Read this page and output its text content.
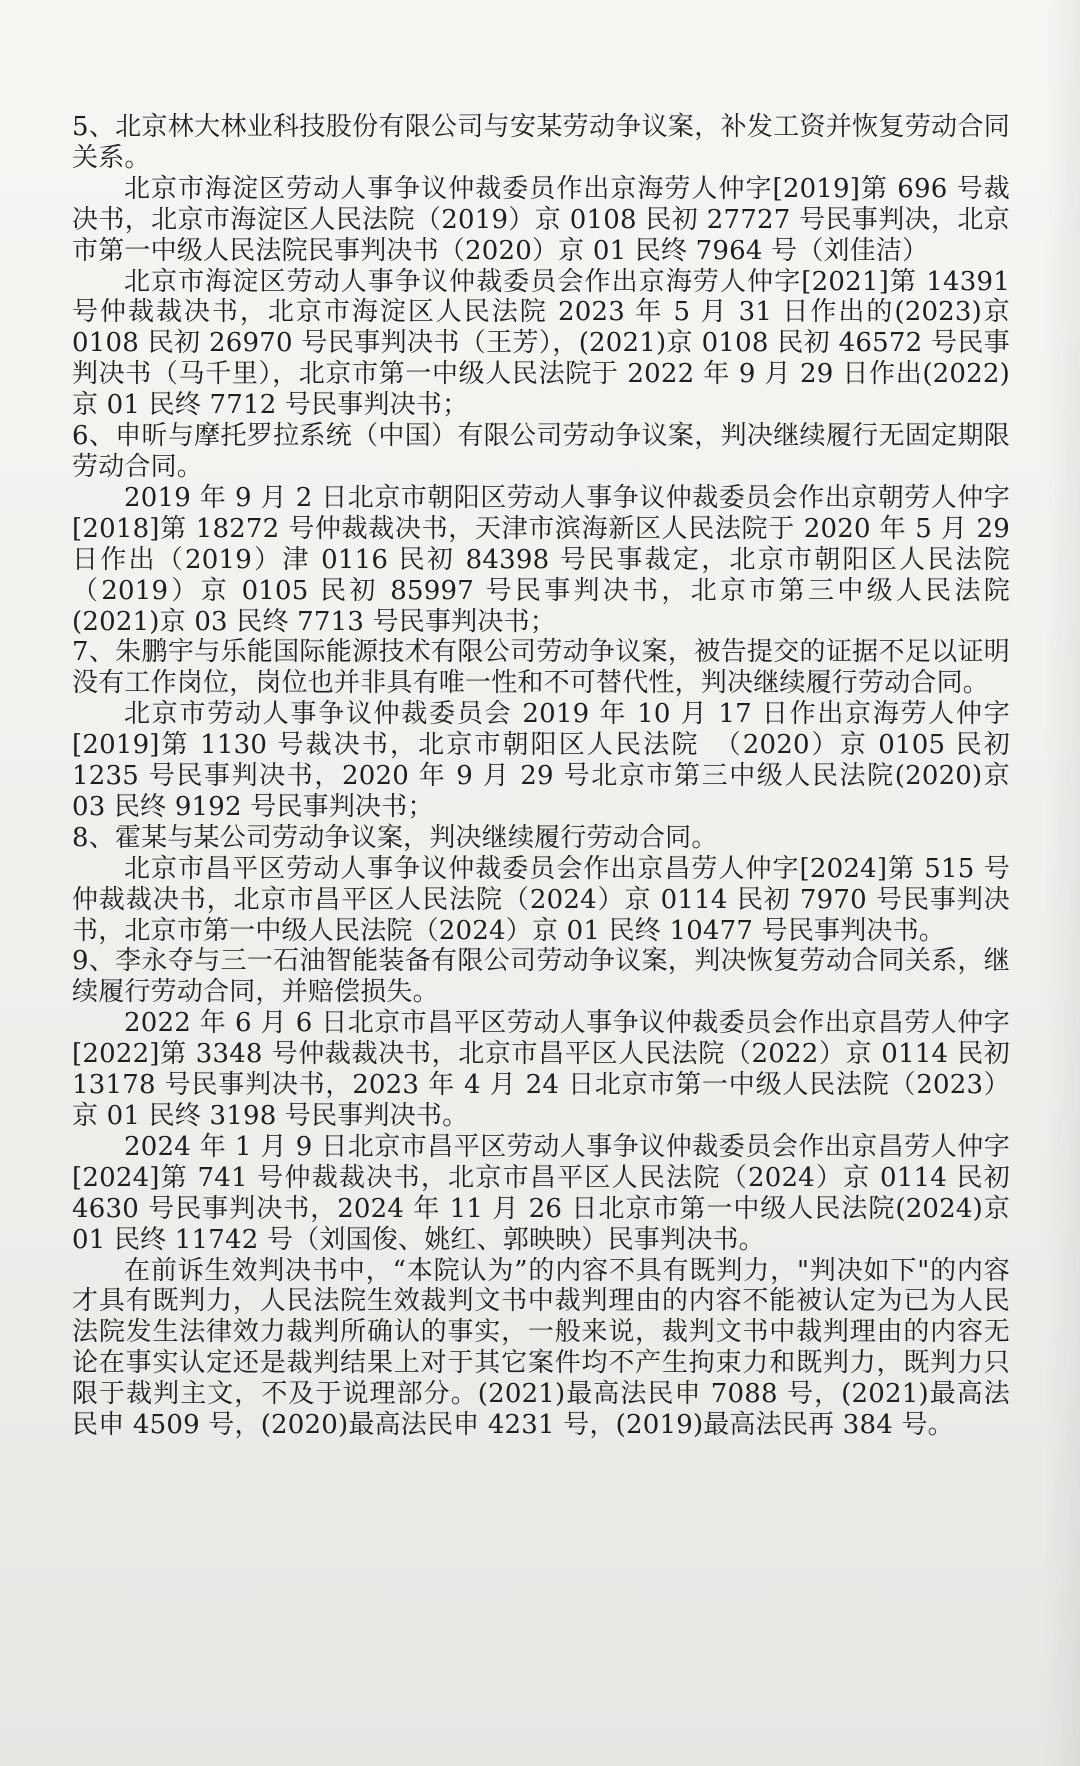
5、北京林大林业科技股份有限公司与安某劳动争议案，补发工资并恢复劳动合同关系。

北京市海淀区劳动人事争议仲裁委员作出京海劳人仲字[2019]第 696 号裁决书，北京市海淀区人民法院（2019）京 0108 民初 27727 号民事判决，北京市第一中级人民法院民事判决书（2020）京 01 民终 7964 号（刘佳洁）

北京市海淀区劳动人事争议仲裁委员会作出京海劳人仲字[2021]第 14391 号仲裁裁决书，北京市海淀区人民法院 2023 年 5 月 31 日作出的(2023)京 0108 民初 26970 号民事判决书（王芳），(2021)京 0108 民初 46572 号民事判决书（马千里），北京市第一中级人民法院于 2022 年 9 月 29 日作出(2022)京 01 民终 7712 号民事判决书；

6、申昕与摩托罗拉系统（中国）有限公司劳动争议案，判决继续履行无固定期限劳动合同。

2019 年 9 月 2 日北京市朝阳区劳动人事争议仲裁委员会作出京朝劳人仲字[2018]第 18272 号仲裁裁决书，天津市滨海新区人民法院于 2020 年 5 月 29 日作出（2019）津 0116 民初 84398 号民事裁定，北京市朝阳区人民法院（2019）京 0105 民初 85997 号民事判决书，北京市第三中级人民法院(2021)京 03 民终 7713 号民事判决书；

7、朱鹏宇与乐能国际能源技术有限公司劳动争议案，被告提交的证据不足以证明没有工作岗位，岗位也并非具有唯一性和不可替代性，判决继续履行劳动合同。

北京市劳动人事争议仲裁委员会 2019 年 10 月 17 日作出京海劳人仲字[2019]第 1130 号裁决书，北京市朝阳区人民法院　（2020）京 0105 民初 1235 号民事判决书，2020 年 9 月 29 号北京市第三中级人民法院(2020)京 03 民终 9192 号民事判决书；

8、霍某与某公司劳动争议案，判决继续履行劳动合同。

北京市昌平区劳动人事争议仲裁委员会作出京昌劳人仲字[2024]第 515 号仲裁裁决书，北京市昌平区人民法院（2024）京 0114 民初 7970 号民事判决书，北京市第一中级人民法院（2024）京 01 民终 10477 号民事判决书。

9、李永夺与三一石油智能装备有限公司劳动争议案，判决恢复劳动合同关系，继续履行劳动合同，并赔偿损失。

2022 年 6 月 6 日北京市昌平区劳动人事争议仲裁委员会作出京昌劳人仲字[2022]第 3348 号仲裁裁决书，北京市昌平区人民法院（2022）京 0114 民初 13178 号民事判决书，2023 年 4 月 24 日北京市第一中级人民法院（2023）京 01 民终 3198 号民事判决书。

2024 年 1 月 9 日北京市昌平区劳动人事争议仲裁委员会作出京昌劳人仲字[2024]第 741 号仲裁裁决书，北京市昌平区人民法院（2024）京 0114 民初 4630 号民事判决书，2024 年 11 月 26 日北京市第一中级人民法院(2024)京 01 民终 11742 号（刘国俊、姚红、郭映映）民事判决书。

在前诉生效判决书中，“本院认为”的内容不具有既判力，"判决如下"的内容才具有既判力，人民法院生效裁判文书中裁判理由的内容不能被认定为已为人民法院发生法律效力裁判所确认的事实，一般来说，裁判文书中裁判理由的内容无论在事实认定还是裁判结果上对于其它案件均不产生拘束力和既判力，既判力只限于裁判主文，不及于说理部分。(2021)最高法民申 7088 号，(2021)最高法民申 4509 号，(2020)最高法民申 4231 号，(2019)最高法民再 384 号。
